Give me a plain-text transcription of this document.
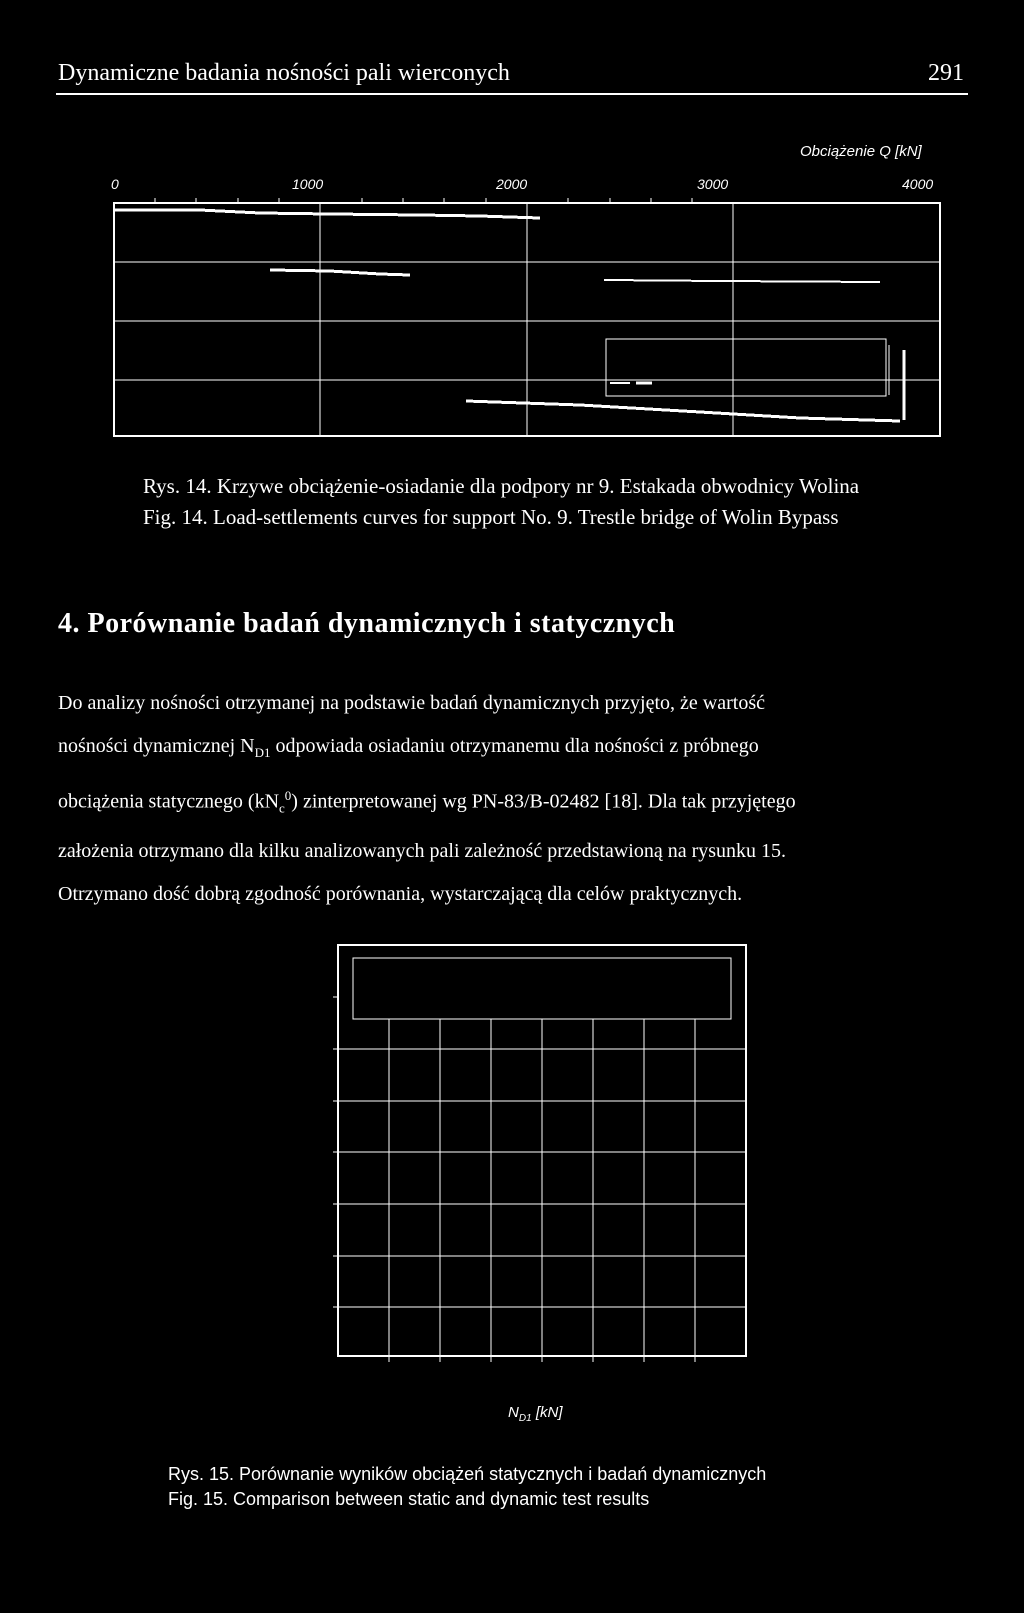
Dynamiczne badania nośności pali wierconych	291
Obciążenie Q [kN]
0	1000	2000	3000	4000
Rys. 14. Krzywe obciążenie-osiadanie dla podpory nr 9. Estakada obwodnicy Wolina
Fig. 14. Load-settlements curves for support No. 9. Trestle bridge of Wolin Bypass
4. Porównanie badań dynamicznych i statycznych
Do analizy nośności otrzymanej na podstawie badań dynamicznych przyjęto, że wartość
nośności dynamicznej $N_{D1}$ odpowiada osiadaniu otrzymanemu dla nośności z próbnego
obciążenia statycznego $(kN_c^0)$ zinterpretowanej wg PN-83/B-02482 [18]. Dla tak przyjętego
założenia otrzymano dla kilku analizowanych pali zależność przedstawioną na rysunku 15.
Otrzymano dość dobrą zgodność porównania, wystarczającą dla celów praktycznych.
$N_{D1}$ [kN]
Rys. 15. Porównanie wyników obciążeń statycznych i badań dynamicznych
Fig. 15. Comparison between static and dynamic test results
